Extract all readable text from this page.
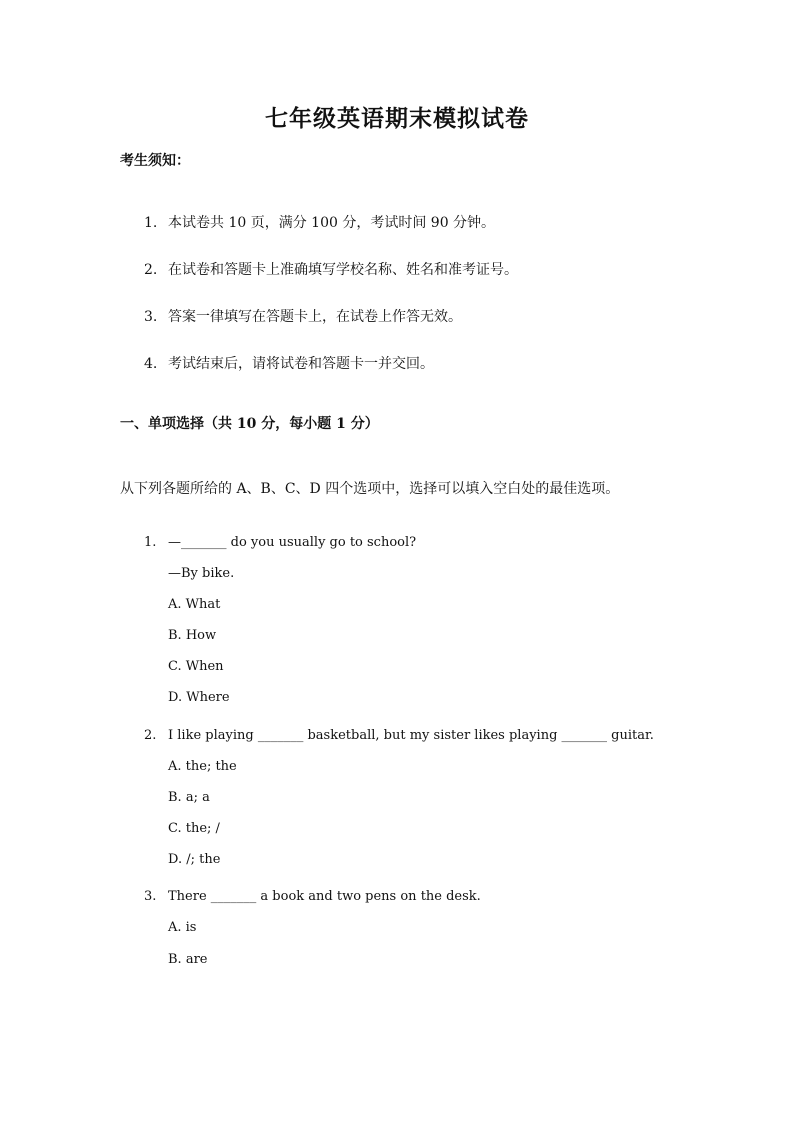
七年级英语期末模拟试卷
考生须知：
1. 本试卷共 10 页，满分 100 分，考试时间 90 分钟。
2. 在试卷和答题卡上准确填写学校名称、姓名和准考证号。
3. 答案一律填写在答题卡上，在试卷上作答无效。
4. 考试结束后，请将试卷和答题卡一并交回。
一、单项选择（共 10 分，每小题 1 分）
从下列各题所给的 A、B、C、D 四个选项中，选择可以填入空白处的最佳选项。
1. —_______ do you usually go to school?
—By bike.
A. What
B. How
C. When
D. Where
2. I like playing _______ basketball, but my sister likes playing _______ guitar.
A. the; the
B. a; a
C. the; /
D. /; the
3. There _______ a book and two pens on the desk.
A. is
B. are
